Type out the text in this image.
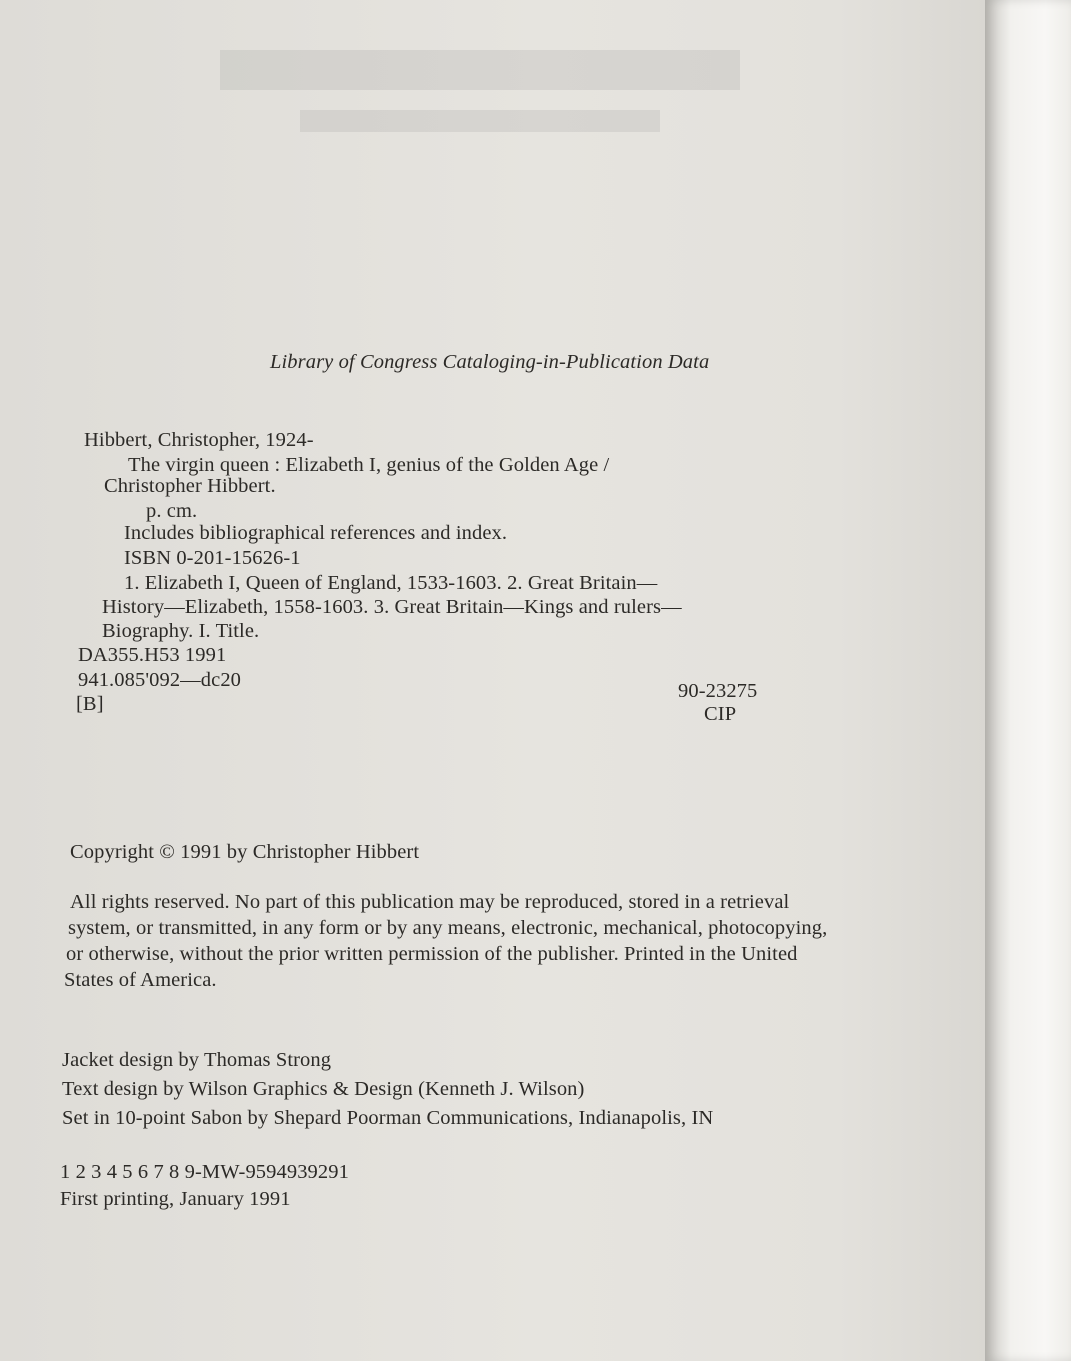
Library of Congress Cataloging-in-Publication Data
Hibbert, Christopher, 1924-
The virgin queen : Elizabeth I, genius of the Golden Age /
Christopher Hibbert.
p. cm.
Includes bibliographical references and index.
ISBN 0-201-15626-1
1. Elizabeth I, Queen of England, 1533-1603. 2. Great Britain—
History—Elizabeth, 1558-1603. 3. Great Britain—Kings and rulers—
Biography. I. Title.
DA355.H53 1991
941.085'092—dc20
[B]
90-23275
CIP
Copyright © 1991 by Christopher Hibbert
All rights reserved. No part of this publication may be reproduced, stored in a retrieval
system, or transmitted, in any form or by any means, electronic, mechanical, photocopying,
or otherwise, without the prior written permission of the publisher. Printed in the United
States of America.
Jacket design by Thomas Strong
Text design by Wilson Graphics & Design (Kenneth J. Wilson)
Set in 10-point Sabon by Shepard Poorman Communications, Indianapolis, IN
1 2 3 4 5 6 7 8 9-MW-9594939291
First printing, January 1991
